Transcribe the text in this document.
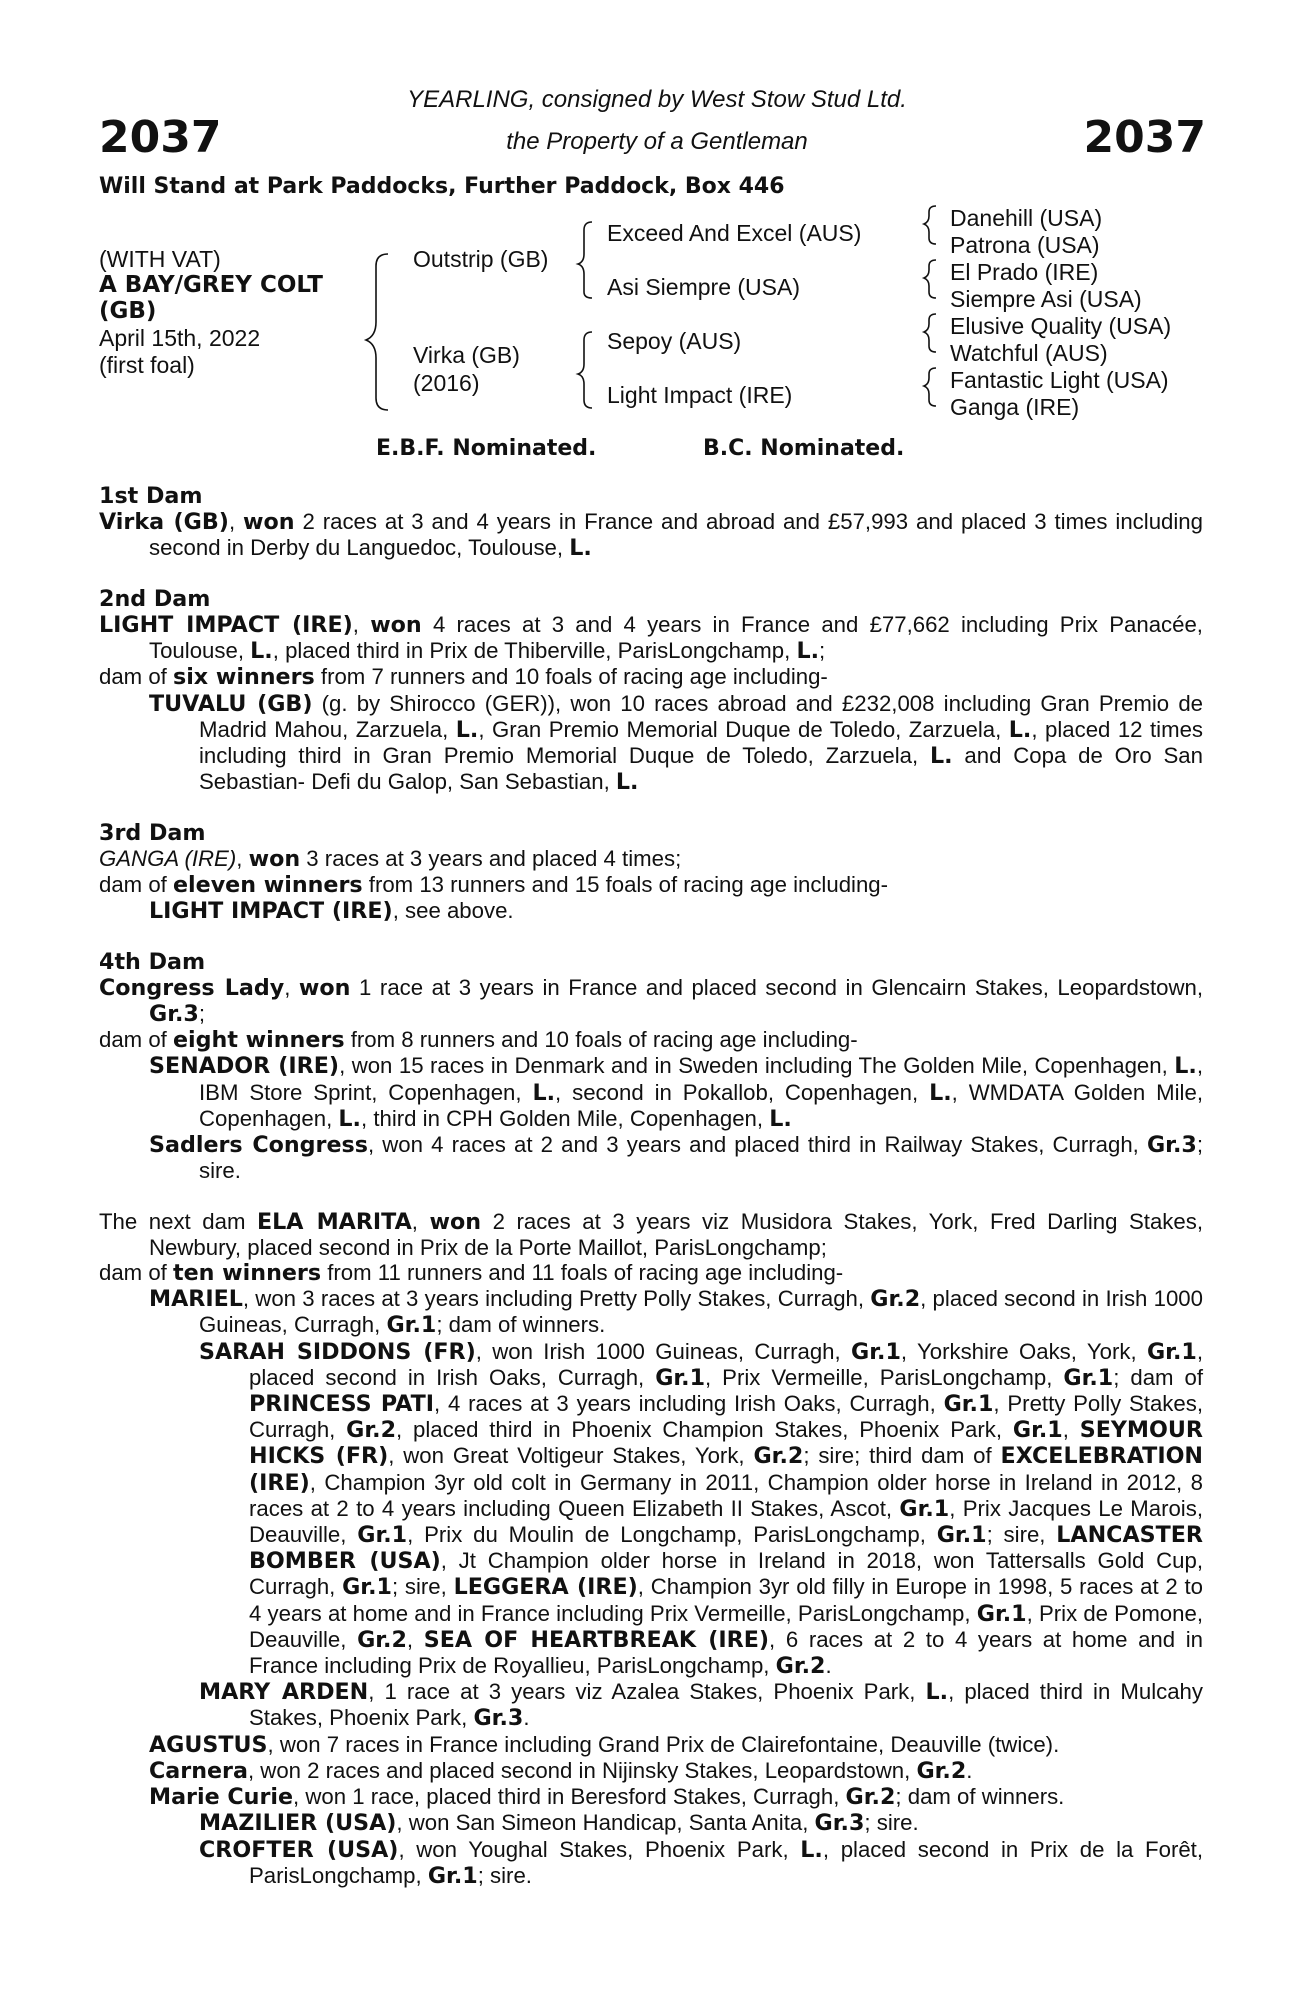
2037	2037
YEARLING, consigned by West Stow Stud Ltd.
the Property of a Gentleman
Will Stand at Park Paddocks, Further Paddock, Box 446
(WITH VAT)
A BAY/GREY COLT
(GB)
April 15th, 2022
(first foal)
Outstrip (GB)
Virka (GB)
(2016)
Exceed And Excel (AUS)
Asi Siempre (USA)
Sepoy (AUS)
Light Impact (IRE)
Danehill (USA)
Patrona (USA)
El Prado (IRE)
Siempre Asi (USA)
Elusive Quality (USA)
Watchful (AUS)
Fantastic Light (USA)
Ganga (IRE)
E.B.F. Nominated.	B.C. Nominated.
1st Dam
Virka (GB), won 2 races at 3 and 4 years in France and abroad and £57,993 and placed 3 times including second in Derby du Languedoc, Toulouse, L.
2nd Dam
LIGHT IMPACT (IRE), won 4 races at 3 and 4 years in France and £77,662 including Prix Panacée, Toulouse, L., placed third in Prix de Thiberville, ParisLongchamp, L.;
dam of six winners from 7 runners and 10 foals of racing age including-
TUVALU (GB) (g. by Shirocco (GER)), won 10 races abroad and £232,008 including Gran Premio de Madrid Mahou, Zarzuela, L., Gran Premio Memorial Duque de Toledo, Zarzuela, L., placed 12 times including third in Gran Premio Memorial Duque de Toledo, Zarzuela, L. and Copa de Oro San Sebastian- Defi du Galop, San Sebastian, L.
3rd Dam
GANGA (IRE), won 3 races at 3 years and placed 4 times;
dam of eleven winners from 13 runners and 15 foals of racing age including-
LIGHT IMPACT (IRE), see above.
4th Dam
Congress Lady, won 1 race at 3 years in France and placed second in Glencairn Stakes, Leopardstown, Gr.3;
dam of eight winners from 8 runners and 10 foals of racing age including-
SENADOR (IRE), won 15 races in Denmark and in Sweden including The Golden Mile, Copenhagen, L., IBM Store Sprint, Copenhagen, L., second in Pokallob, Copenhagen, L., WMDATA Golden Mile, Copenhagen, L., third in CPH Golden Mile, Copenhagen, L.
Sadlers Congress, won 4 races at 2 and 3 years and placed third in Railway Stakes, Curragh, Gr.3; sire.
The next dam ELA MARITA, won 2 races at 3 years viz Musidora Stakes, York, Fred Darling Stakes, Newbury, placed second in Prix de la Porte Maillot, ParisLongchamp;
dam of ten winners from 11 runners and 11 foals of racing age including-
MARIEL, won 3 races at 3 years including Pretty Polly Stakes, Curragh, Gr.2, placed second in Irish 1000 Guineas, Curragh, Gr.1; dam of winners.
SARAH SIDDONS (FR), won Irish 1000 Guineas, Curragh, Gr.1, Yorkshire Oaks, York, Gr.1, placed second in Irish Oaks, Curragh, Gr.1, Prix Vermeille, ParisLongchamp, Gr.1; dam of PRINCESS PATI, 4 races at 3 years including Irish Oaks, Curragh, Gr.1, Pretty Polly Stakes, Curragh, Gr.2, placed third in Phoenix Champion Stakes, Phoenix Park, Gr.1, SEYMOUR HICKS (FR), won Great Voltigeur Stakes, York, Gr.2; sire; third dam of EXCELEBRATION (IRE), Champion 3yr old colt in Germany in 2011, Champion older horse in Ireland in 2012, 8 races at 2 to 4 years including Queen Elizabeth II Stakes, Ascot, Gr.1, Prix Jacques Le Marois, Deauville, Gr.1, Prix du Moulin de Longchamp, ParisLongchamp, Gr.1; sire, LANCASTER BOMBER (USA), Jt Champion older horse in Ireland in 2018, won Tattersalls Gold Cup, Curragh, Gr.1; sire, LEGGERA (IRE), Champion 3yr old filly in Europe in 1998, 5 races at 2 to 4 years at home and in France including Prix Vermeille, ParisLongchamp, Gr.1, Prix de Pomone, Deauville, Gr.2, SEA OF HEARTBREAK (IRE), 6 races at 2 to 4 years at home and in France including Prix de Royallieu, ParisLongchamp, Gr.2.
MARY ARDEN, 1 race at 3 years viz Azalea Stakes, Phoenix Park, L., placed third in Mulcahy Stakes, Phoenix Park, Gr.3.
AGUSTUS, won 7 races in France including Grand Prix de Clairefontaine, Deauville (twice).
Carnera, won 2 races and placed second in Nijinsky Stakes, Leopardstown, Gr.2.
Marie Curie, won 1 race, placed third in Beresford Stakes, Curragh, Gr.2; dam of winners.
MAZILIER (USA), won San Simeon Handicap, Santa Anita, Gr.3; sire.
CROFTER (USA), won Youghal Stakes, Phoenix Park, L., placed second in Prix de la Forêt, ParisLongchamp, Gr.1; sire.
